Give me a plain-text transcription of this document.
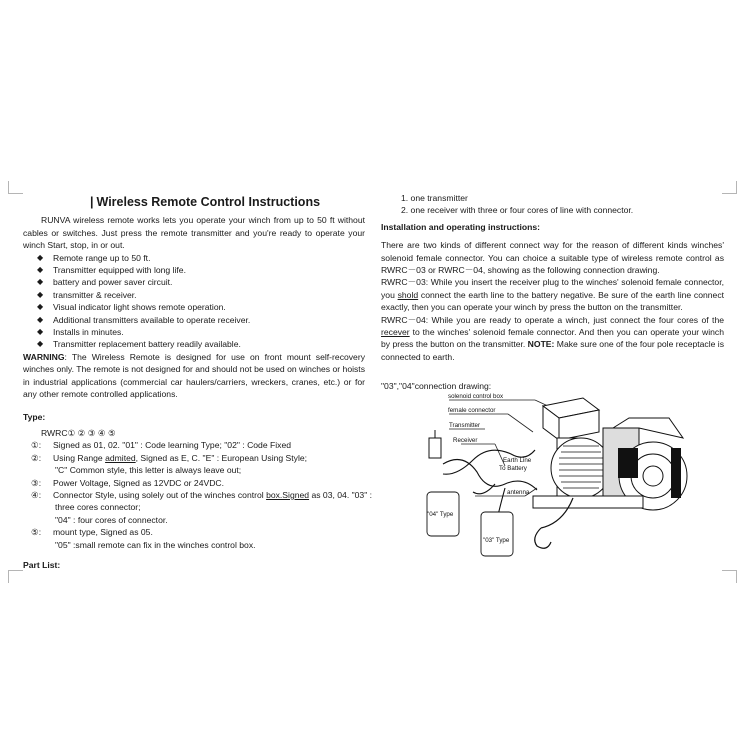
| Wireless Remote Control Instructions

RUNVA wireless remote works lets you operate your winch from up to 50 ft without cables or switches. Just press the remote transmitter and you're ready to operate your winch Start, stop, in or out.

◆ Remote range up to 50 ft.
◆ Transmitter equipped with long life.
◆ battery and power saver circuit.
◆ transmitter & receiver.
◆ Visual indicator light shows remote operation.
◆ Additional transmitters available to operate receiver.
◆ Installs in minutes.
◆ Transmitter replacement battery readily available.

WARNING: The Wireless Remote is designed for use on front mount self-recovery winches only. The remote is not designed for and should not be used on winches or hoists in industrial applications (commercial car haulers/carriers, wreckers, cranes, etc.) or for any other remote controlled applications.

Type:

RWRC① ② ③ ④ ⑤

①: Signed as 01, 02. "01" : Code learning Type; "02" : Code Fixed

②: Using Range admited, Signed as E, C. "E" : European Using Style;

"C" Common style, this letter is always leave out;

③: Power Voltage, Signed as 12VDC or 24VDC.

④: Connector Style, using solely out of the winches control box.Signed as 03, 04. "03" :

three cores connector;

"04" : four cores of connector.

⑤: mount type, Signed as 05.

"05" :small remote can fix in the winches control box.

Part List:

1. one transmitter
2. one receiver with three or four cores of line with connector.

Installation and operating instructions:

There are two kinds of different connect way for the reason of different kinds winches' solenoid female connector. You can choice a suitable type of wireless remote control as RWRC－03 or RWRC－04, showing as the following connection drawing.

RWRC－03: While you insert the receiver plug to the winches' solenoid female connector, you shold connect the earth line to the battery negative. Be sure of the earth line connect exactly, then you can operate your winch by press the button on the transmitter.

RWRC－04: While you are ready to operate a winch, just connect the four cores of the recever to the winches' solenoid female connector. And then you can operate your winch by press the button on the transmitter. NOTE: Make sure one of the four pole receptacle is connected to earth.

"03","04"connection drawing:

solenoid control box
female connector
Transmitter
Receiver
Earth Line
To Battery
antenna
"04" Type
"03" Type
